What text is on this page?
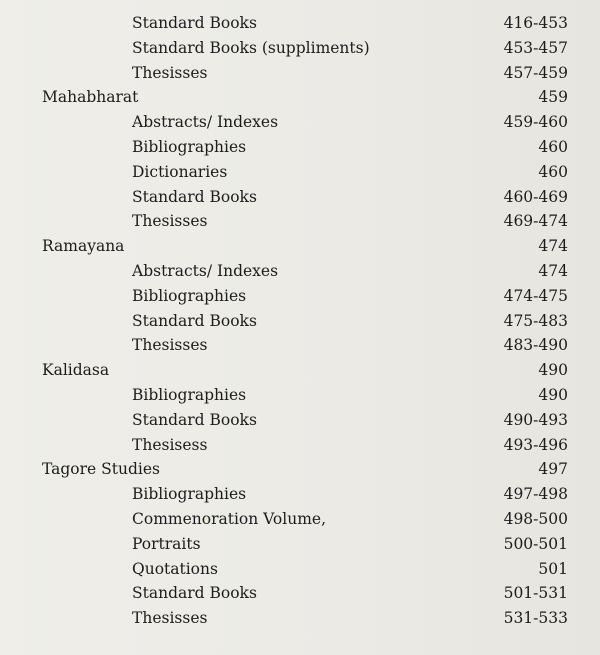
Standard Books	416-453
Standard Books (suppliments)	453-457
Thesisses	457-459
Mahabharat	459
Abstracts/ Indexes	459-460
Bibliographies	460
Dictionaries	460
Standard Books	460-469
Thesisses	469-474
Ramayana	474
Abstracts/ Indexes	474
Bibliographies	474-475
Standard Books	475-483
Thesisses	483-490
Kalidasa	490
Bibliographies	490
Standard Books	490-493
Thesisess	493-496
Tagore Studies	497
Bibliographies	497-498
Commenoration Volume,	498-500
Portraits	500-501
Quotations	501
Standard Books	501-531
Thesisses	531-533
